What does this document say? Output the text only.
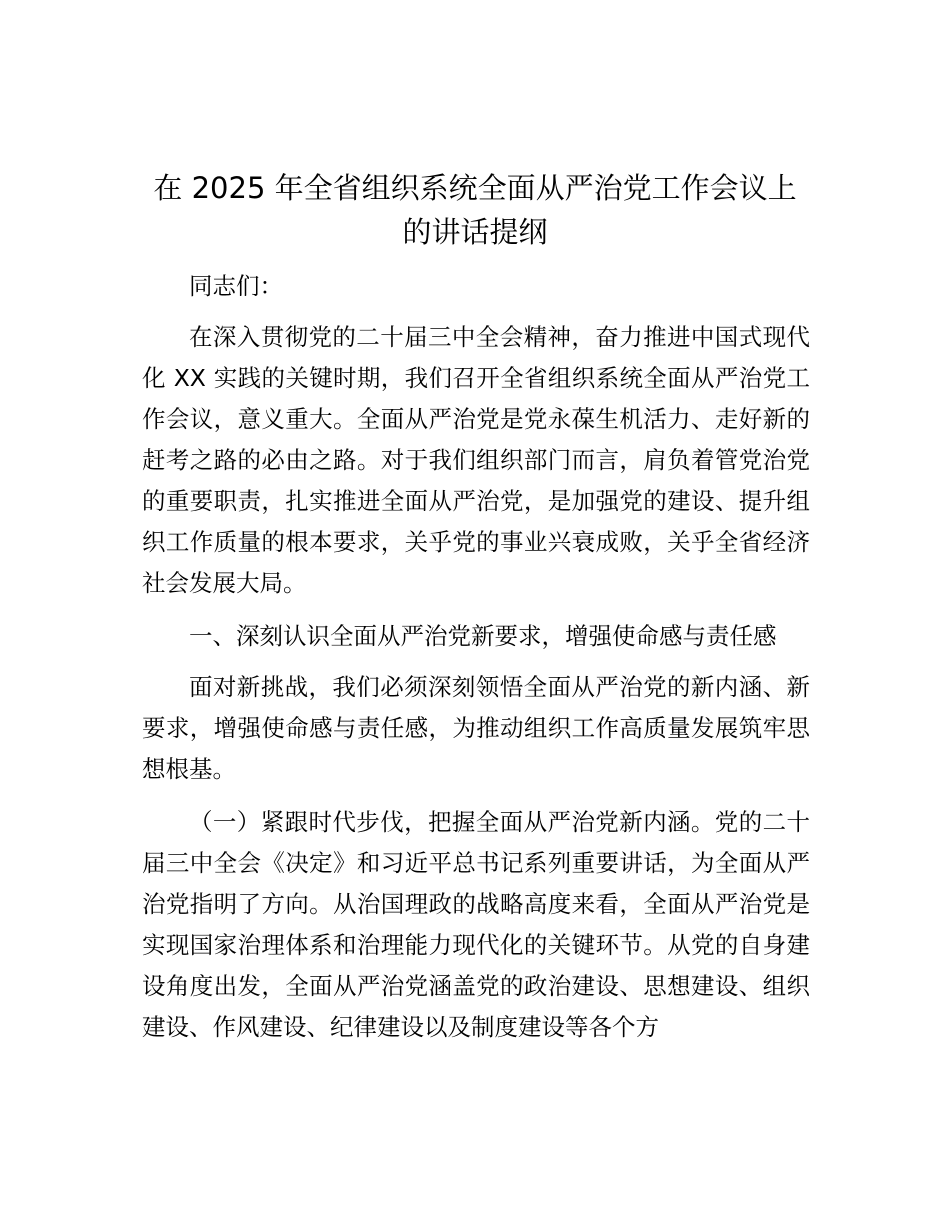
在 2025 年全省组织系统全面从严治党工作会议上的讲话提纲

同志们：

在深入贯彻党的二十届三中全会精神，奋力推进中国式现代化 XX 实践的关键时期，我们召开全省组织系统全面从严治党工作会议，意义重大。全面从严治党是党永葆生机活力、走好新的赶考之路的必由之路。对于我们组织部门而言，肩负着管党治党的重要职责，扎实推进全面从严治党，是加强党的建设、提升组织工作质量的根本要求，关乎党的事业兴衰成败，关乎全省经济社会发展大局。

一、深刻认识全面从严治党新要求，增强使命感与责任感

面对新挑战，我们必须深刻领悟全面从严治党的新内涵、新要求，增强使命感与责任感，为推动组织工作高质量发展筑牢思想根基。

（一）紧跟时代步伐，把握全面从严治党新内涵。党的二十届三中全会《决定》和习近平总书记系列重要讲话，为全面从严治党指明了方向。从治国理政的战略高度来看，全面从严治党是实现国家治理体系和治理能力现代化的关键环节。从党的自身建设角度出发，全面从严治党涵盖党的政治建设、思想建设、组织建设、作风建设、纪律建设以及制度建设等各个方
